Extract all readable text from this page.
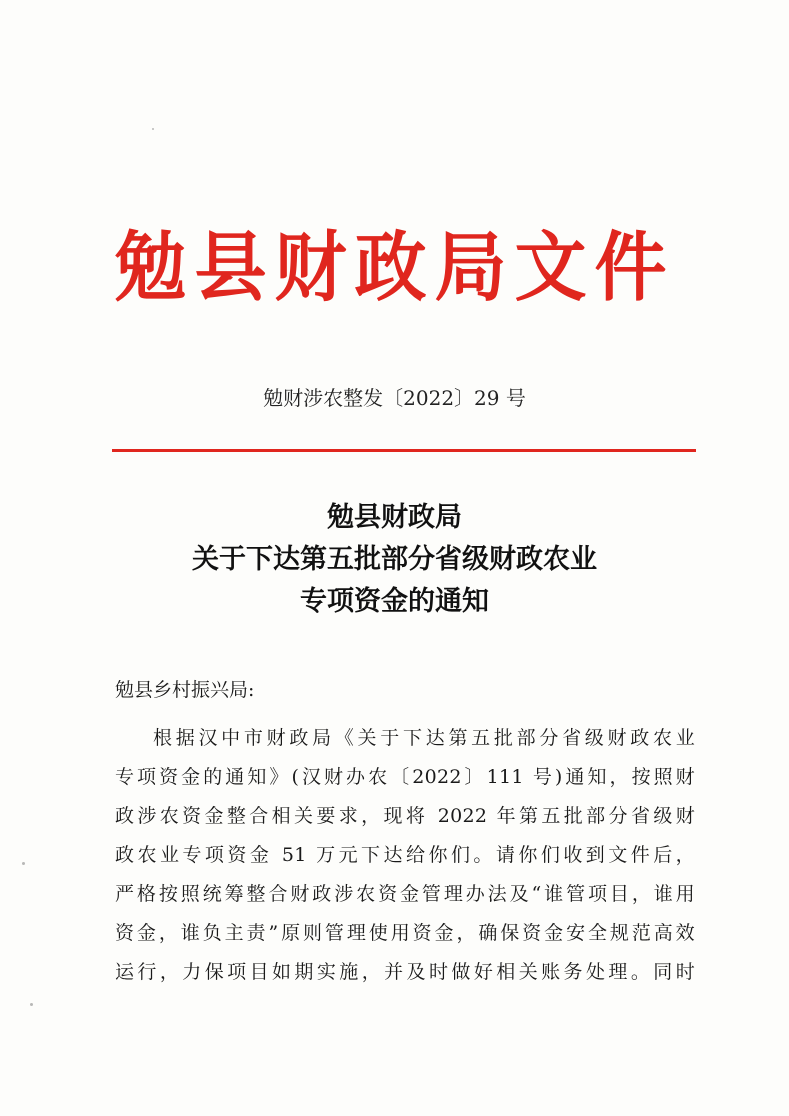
勉县财政局文件
勉财涉农整发〔2022〕29 号
勉县财政局
关于下达第五批部分省级财政农业
专项资金的通知
勉县乡村振兴局:
根据汉中市财政局《关于下达第五批部分省级财政农业
专项资金的通知》(汉财办农〔2022〕111 号)通知，按照财
政涉农资金整合相关要求，现将 2022 年第五批部分省级财
政农业专项资金 51 万元下达给你们。请你们收到文件后，
严格按照统筹整合财政涉农资金管理办法及“谁管项目，谁用
资金，谁负主责”原则管理使用资金，确保资金安全规范高效
运行，力保项目如期实施，并及时做好相关账务处理。同时
